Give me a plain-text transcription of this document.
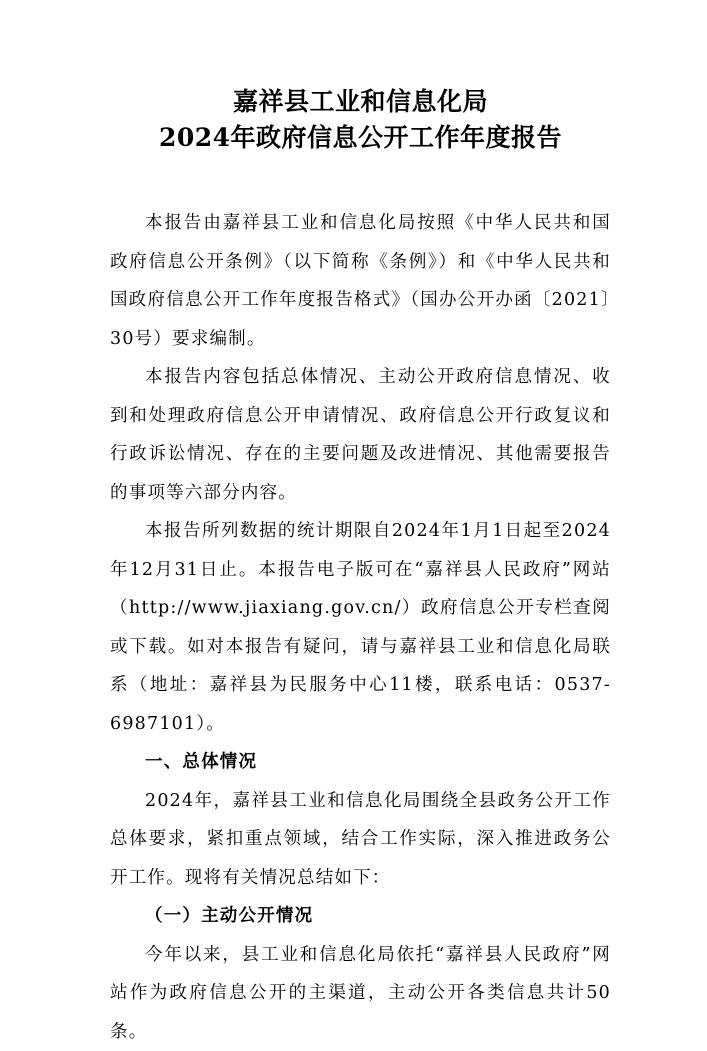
嘉祥县工业和信息化局

2024年政府信息公开工作年度报告

本报告由嘉祥县工业和信息化局按照《中华人民共和国政府信息公开条例》（以下简称《条例》）和《中华人民共和国政府信息公开工作年度报告格式》（国办公开办函〔2021〕30号）要求编制。

本报告内容包括总体情况、主动公开政府信息情况、收到和处理政府信息公开申请情况、政府信息公开行政复议和行政诉讼情况、存在的主要问题及改进情况、其他需要报告的事项等六部分内容。

本报告所列数据的统计期限自2024年1月1日起至2024年12月31日止。本报告电子版可在“嘉祥县人民政府”网站（http://www.jiaxiang.gov.cn/）政府信息公开专栏查阅或下载。如对本报告有疑问，请与嘉祥县工业和信息化局联系（地址：嘉祥县为民服务中心11楼，联系电话：0537-6987101）。

一、总体情况

2024年，嘉祥县工业和信息化局围绕全县政务公开工作总体要求，紧扣重点领域，结合工作实际，深入推进政务公开工作。现将有关情况总结如下：

（一）主动公开情况

今年以来，县工业和信息化局依托“嘉祥县人民政府”网站作为政府信息公开的主渠道，主动公开各类信息共计50条。
